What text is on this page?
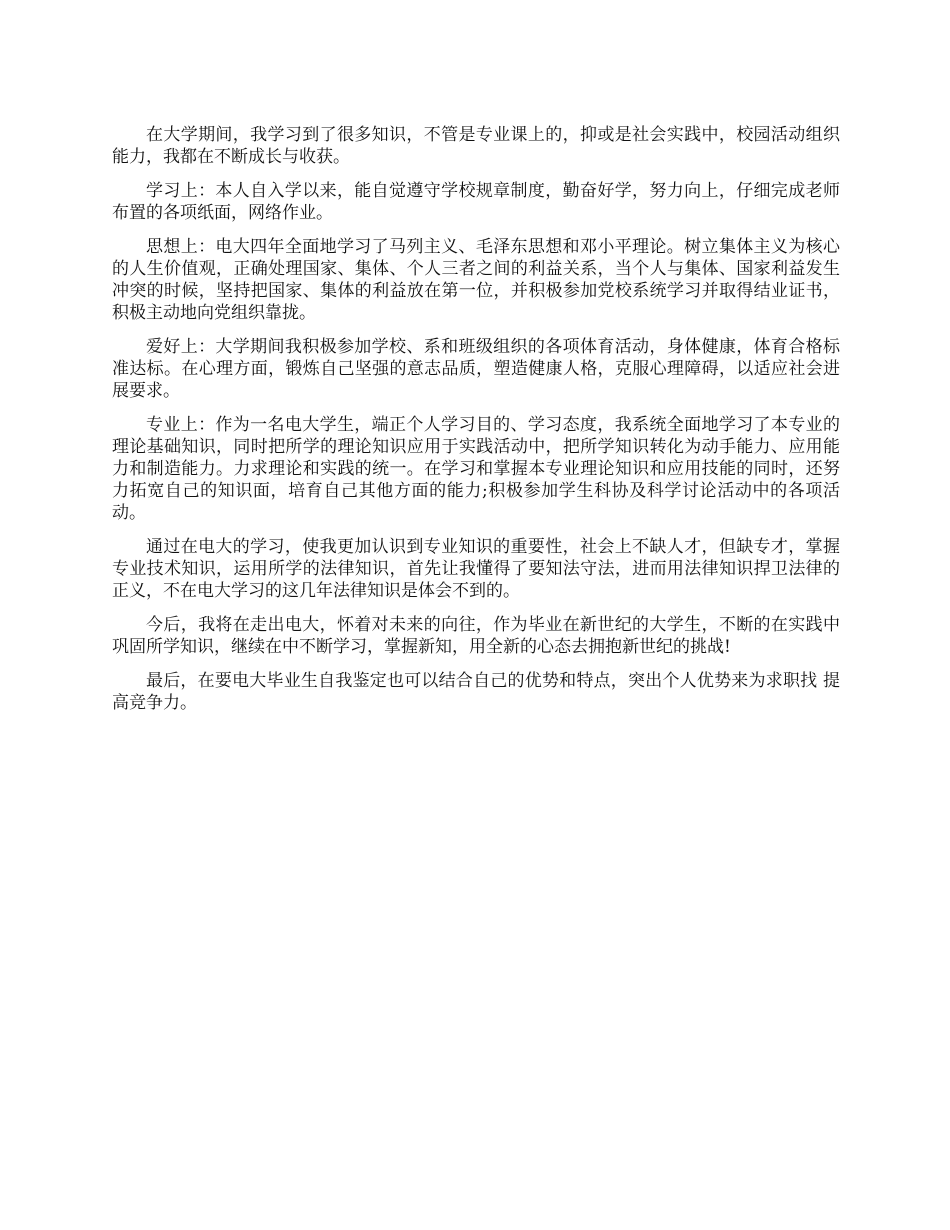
在大学期间，我学习到了很多知识，不管是专业课上的，抑或是社会实践中，校园活动组织能力，我都在不断成长与收获。

学习上：本人自入学以来，能自觉遵守学校规章制度，勤奋好学，努力向上，仔细完成老师布置的各项纸面，网络作业。

思想上：电大四年全面地学习了马列主义、毛泽东思想和邓小平理论。树立集体主义为核心的人生价值观，正确处理国家、集体、个人三者之间的利益关系，当个人与集体、国家利益发生冲突的时候，坚持把国家、集体的利益放在第一位，并积极参加党校系统学习并取得结业证书，积极主动地向党组织靠拢。

爱好上：大学期间我积极参加学校、系和班级组织的各项体育活动，身体健康，体育合格标准达标。在心理方面，锻炼自己坚强的意志品质，塑造健康人格，克服心理障碍，以适应社会进展要求。

专业上：作为一名电大学生，端正个人学习目的、学习态度，我系统全面地学习了本专业的理论基础知识，同时把所学的理论知识应用于实践活动中，把所学知识转化为动手能力、应用能力和制造能力。力求理论和实践的统一。在学习和掌握本专业理论知识和应用技能的同时，还努力拓宽自己的知识面，培育自己其他方面的能力;积极参加学生科协及科学讨论活动中的各项活动。

通过在电大的学习，使我更加认识到专业知识的重要性，社会上不缺人才，但缺专才，掌握专业技术知识，运用所学的法律知识，首先让我懂得了要知法守法，进而用法律知识捍卫法律的正义，不在电大学习的这几年法律知识是体会不到的。

今后，我将在走出电大，怀着对未来的向往，作为毕业在新世纪的大学生，不断的在实践中巩固所学知识，继续在中不断学习，掌握新知，用全新的心态去拥抱新世纪的挑战!

最后，在要电大毕业生自我鉴定也可以结合自己的优势和特点，突出个人优势来为求职找 提高竞争力。
